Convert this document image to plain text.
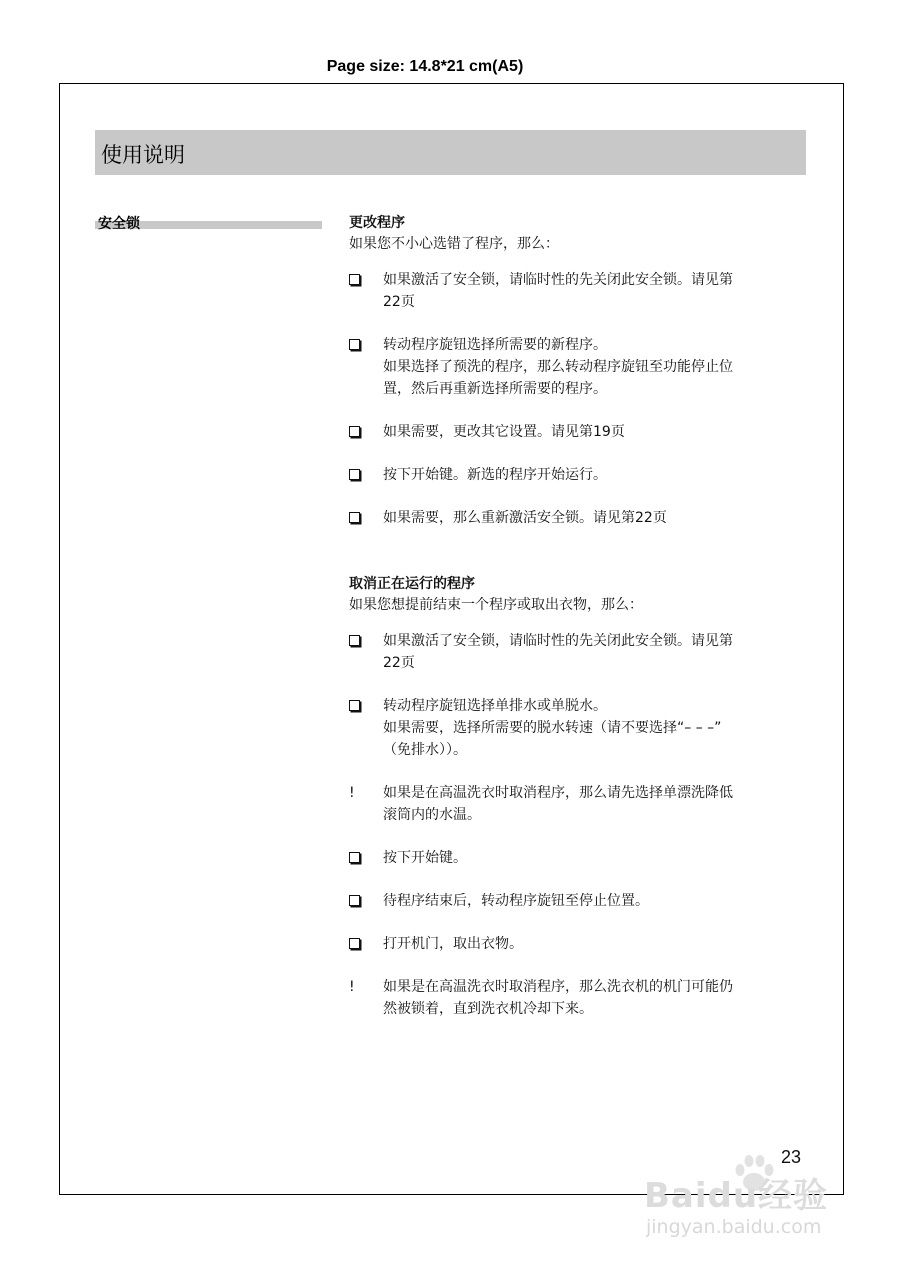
Page size: 14.8*21 cm(A5)
使用说明
安全锁	更改程序
如果您不小心选错了程序，那么：
如果激活了安全锁，请临时性的先关闭此安全锁。请见第
22页
转动程序旋钮选择所需要的新程序。
如果选择了预洗的程序，那么转动程序旋钮至功能停止位
置，然后再重新选择所需要的程序。
如果需要，更改其它设置。请见第19页
按下开始键。新选的程序开始运行。
如果需要，那么重新激活安全锁。请见第22页
取消正在运行的程序
如果您想提前结束一个程序或取出衣物，那么：
如果激活了安全锁，请临时性的先关闭此安全锁。请见第
22页
转动程序旋钮选择单排水或单脱水。
如果需要，选择所需要的脱水转速（请不要选择“– – –”
（免排水））。
!	如果是在高温洗衣时取消程序，那么请先选择单漂洗降低
滚筒内的水温。
按下开始键。
待程序结束后，转动程序旋钮至停止位置。
打开机门，取出衣物。
!	如果是在高温洗衣时取消程序，那么洗衣机的机门可能仍
然被锁着，直到洗衣机冷却下来。
23
Baidu经验
jingyan.baidu.com
